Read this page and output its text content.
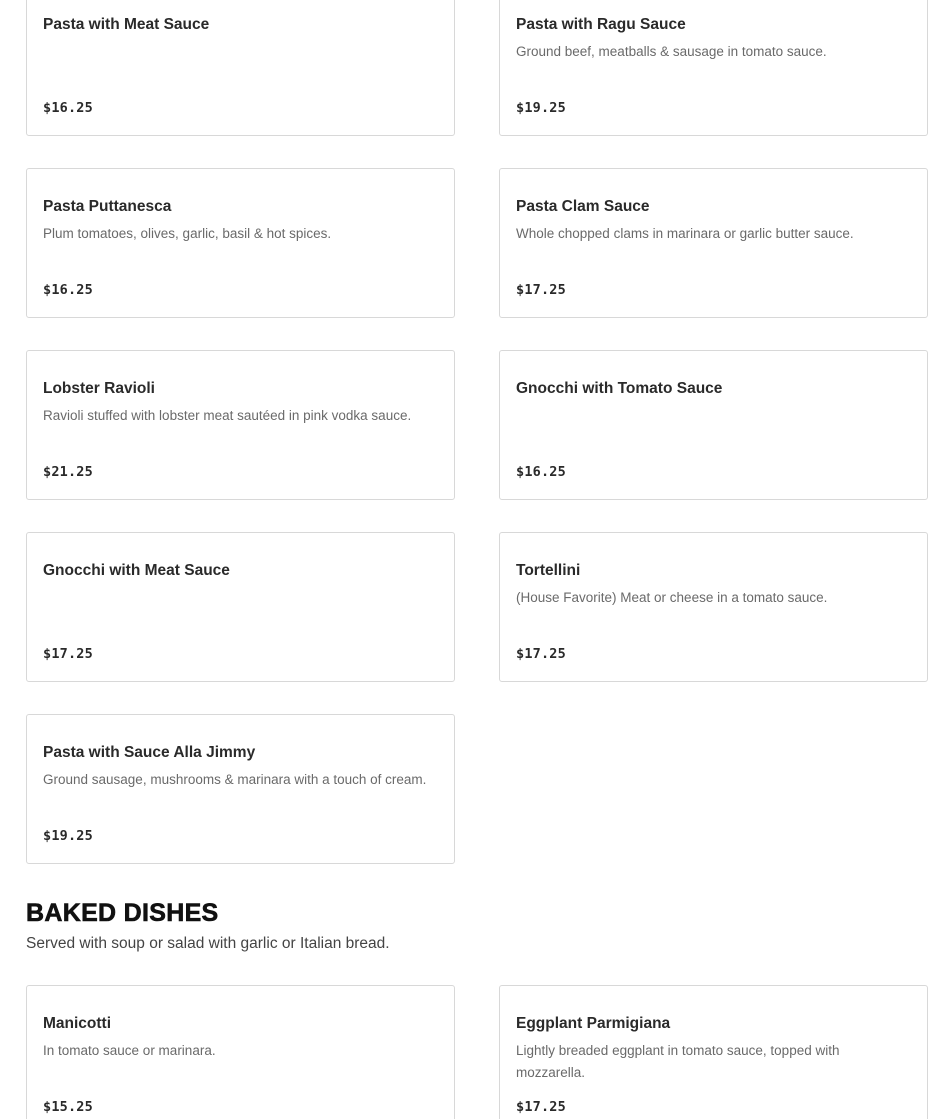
Pasta with Meat Sauce
$16.25
Pasta with Ragu Sauce
Ground beef, meatballs & sausage in tomato sauce.
$19.25
Pasta Puttanesca
Plum tomatoes, olives, garlic, basil & hot spices.
$16.25
Pasta Clam Sauce
Whole chopped clams in marinara or garlic butter sauce.
$17.25
Lobster Ravioli
Ravioli stuffed with lobster meat sautéed in pink vodka sauce.
$21.25
Gnocchi with Tomato Sauce
$16.25
Gnocchi with Meat Sauce
$17.25
Tortellini
(House Favorite) Meat or cheese in a tomato sauce.
$17.25
Pasta with Sauce Alla Jimmy
Ground sausage, mushrooms & marinara with a touch of cream.
$19.25
BAKED DISHES
Served with soup or salad with garlic or Italian bread.
Manicotti
In tomato sauce or marinara.
$15.25
Eggplant Parmigiana
Lightly breaded eggplant in tomato sauce, topped with mozzarella.
$17.25
